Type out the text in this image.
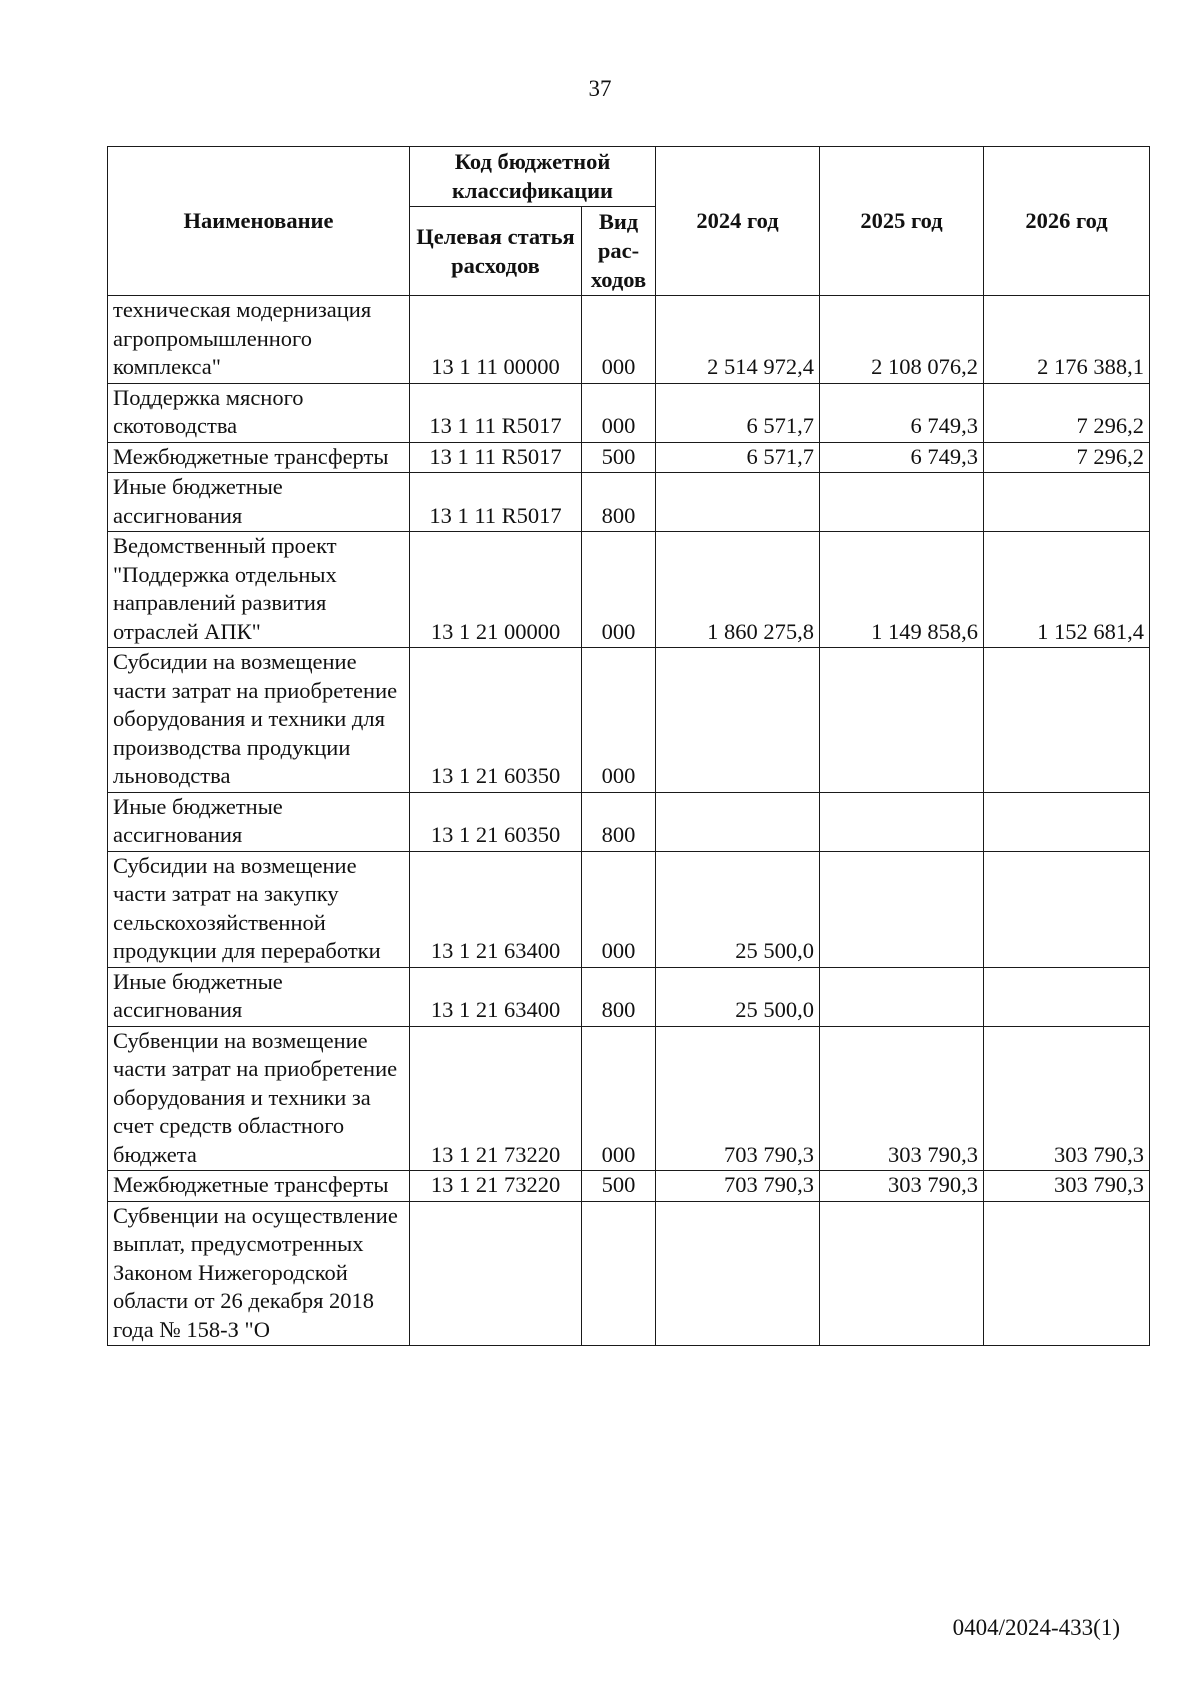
37
Наименование	Код бюджетной классификации		2024 год	2025 год	2026 год
	Целевая статья расходов	Вид рас-ходов			
техническая модернизация агропромышленного комплекса"	13 1 11 00000	000	2 514 972,4	2 108 076,2	2 176 388,1
Поддержка мясного скотоводства	13 1 11 R5017	000	6 571,7	6 749,3	7 296,2
Межбюджетные трансферты	13 1 11 R5017	500	6 571,7	6 749,3	7 296,2
Иные бюджетные ассигнования	13 1 11 R5017	800			
Ведомственный проект "Поддержка отдельных направлений развития отраслей АПК"	13 1 21 00000	000	1 860 275,8	1 149 858,6	1 152 681,4
Субсидии на возмещение части затрат на приобретение оборудования и техники для производства продукции льноводства	13 1 21 60350	000			
Иные бюджетные ассигнования	13 1 21 60350	800			
Субсидии на возмещение части затрат на закупку сельскохозяйственной продукции для переработки	13 1 21 63400	000	25 500,0		
Иные бюджетные ассигнования	13 1 21 63400	800	25 500,0		
Субвенции на возмещение части затрат на приобретение оборудования и техники за счет средств областного бюджета	13 1 21 73220	000	703 790,3	303 790,3	303 790,3
Межбюджетные трансферты	13 1 21 73220	500	703 790,3	303 790,3	303 790,3
Субвенции на осуществление выплат, предусмотренных Законом Нижегородской области от 26 декабря 2018 года № 158-З "О					
0404/2024-433(1)
